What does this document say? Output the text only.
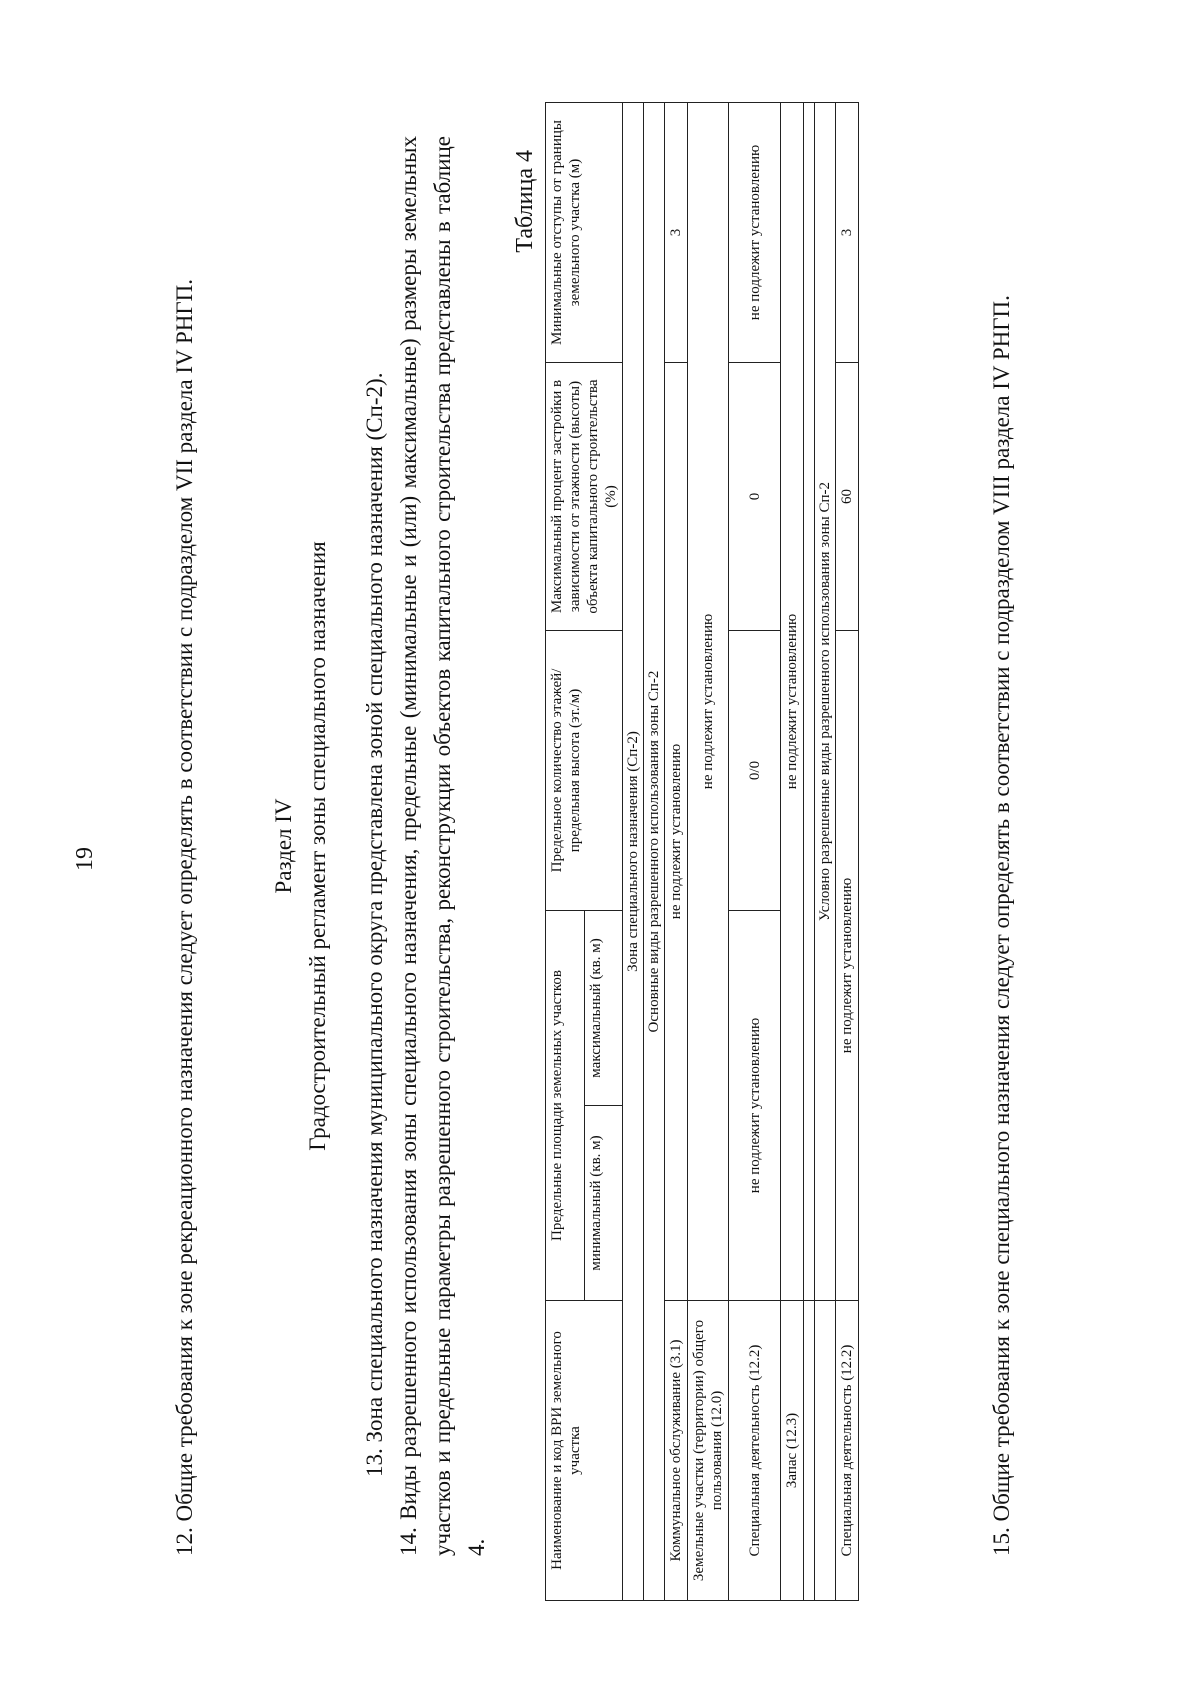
19	12. Общие требования к зоне рекреационного назначения следует определять в соответствии с подразделом VII раздела IV РНГП.	Раздел IV Градостроительный регламент зоны специального назначения 13. Зона специального назначения муниципального округа представлена зоной специального назначения (Сп-2). 14. Виды разрешенного использования зоны специального назначения, предельные (минимальные и (или) максимальные) размеры земельных участков и предельные параметры разрешенного строительства, реконструкции объектов капитального строительства представлены в таблице 4.

Таблица 4
Наименование и код ВРИ земельного участка	Предельные площади земельных участков		Предельное количество этажей/ предельная высота (эт./м)	Максимальный процент застройки в зависимости от этажности (высоты) объекта капитального строительства (%)	Минимальные отступы от границы земельного участка (м)
	минимальный (кв. м)	максимальный (кв. м)			
Зона специального назначения (Сп-2)					
Основные виды разрешенного использования зоны Сп-2					
Коммунальное обслуживание (3.1)	не подлежит установлению				3
Земельные участки (территории) общего пользования (12.0)	не подлежит установлению				
Специальная деятельность (12.2)	не подлежит установлению		0/0	0	не подлежит установлению
Запас (12.3)	не подлежит установлению				

	Условно разрешенные виды разрешенного использования зоны Сп-2				
Специальная деятельность (12.2)	не подлежит установлению			60	3

15. Общие требования к зоне специального назначения следует определять в соответствии с подразделом VIII раздела IV РНГП.
